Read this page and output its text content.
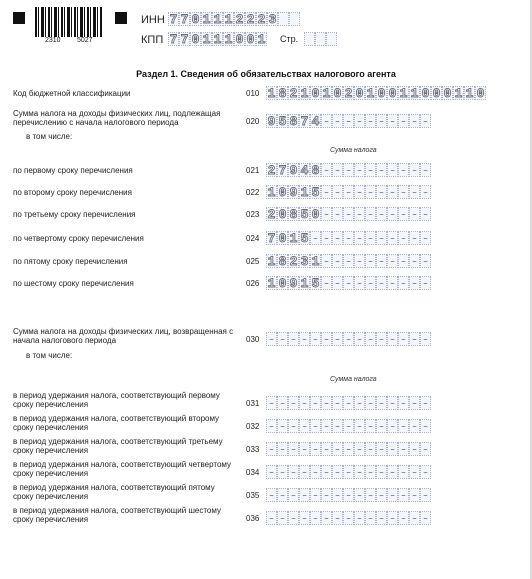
2310 5027
ИНН 7 7 0 1 1 1 2 2 2 3
КПП 7 7 0 1 1 1 0 0 1 Стр.
Раздел 1. Сведения об обязательствах налогового агента
Код бюджетной классификации	010 1 8 2 1 0 1 0 2 0 1 0 0 1 1 0 0 0 1 1 0
Сумма налога на доходы физических лиц, подлежащая перечислению с начала налогового периода	020 9 5 8 7 4 - - - - - - - - - -
в том числе:
Сумма налога
по первому сроку перечисления	021 2 7 9 4 8 - - - - - - - - - -
по второму сроку перечисления	022 1 0 9 1 5 - - - - - - - - - -
по третьему сроку перечисления	023 2 0 8 5 0 - - - - - - - - - -
по четвертому сроку перечисления	024 7 0 1 5 - - - - - - - - - - -
по пятому сроку перечисления	025 1 8 2 3 1 - - - - - - - - - -
по шестому сроку перечисления	026 1 0 9 1 5 - - - - - - - - - -
Сумма налога на доходы физических лиц, возвращенная с начала налогового периода	030 - - - - - - - - - - - - - - -
в том числе:
Сумма налога
в период удержания налога, соответствующий первому сроку перечисления	031 - - - - - - - - - - - - - - -
в период удержания налога, соответствующий второму сроку перечисления	032 - - - - - - - - - - - - - - -
в период удержания налога, соответствующий третьему сроку перечисления	033 - - - - - - - - - - - - - - -
в период удержания налога, соответствующий четвертому сроку перечисления	034 - - - - - - - - - - - - - - -
в период удержания налога, соответствующий пятому сроку перечисления	035 - - - - - - - - - - - - - - -
в период удержания налога, соответствующий шестому сроку перечисления	036 - - - - - - - - - - - - - - -
